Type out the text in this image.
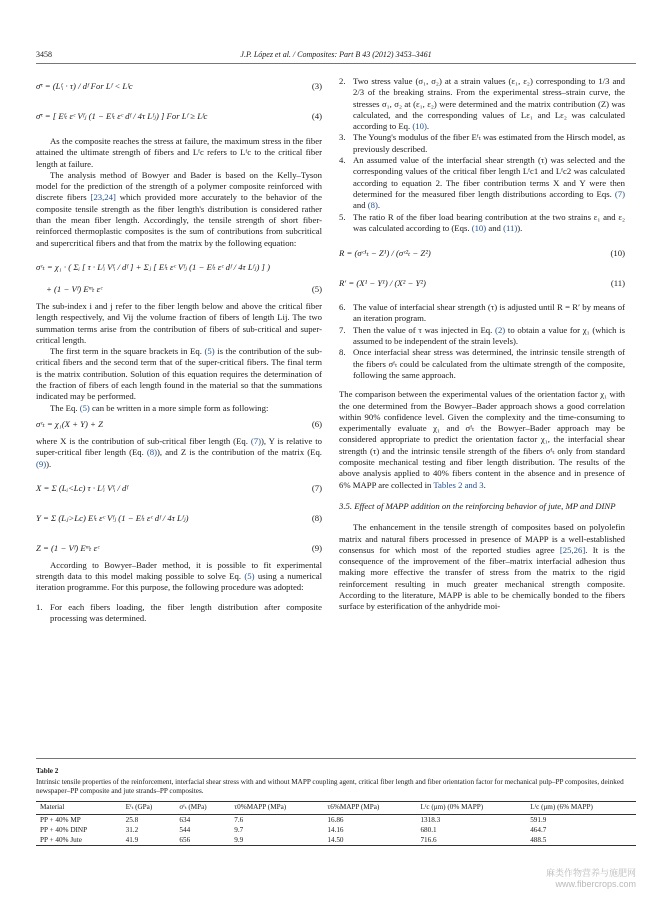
3458	J.P. López et al. / Composites: Part B 43 (2012) 3453–3461
σ̄ᶜ = (Lᶠᵢ · τ) / dᶠ For Lᶠ < Lᶠc	(3)
σ̄ᶜ = [ Eᶠₜ εᶜ Vᶠⱼ (1 − Eᶠₜ εᶜ dᶠ / 4τ Lᶠⱼ) ] For Lᶠ ≥ Lᶠc	(4)

As the composite reaches the stress at failure, the maximum stress in the fiber attained the ultimate strength of fibers and Lᶠc refers to Lᶠc to the critical fiber length at failure.

The analysis method of Bowyer and Bader is based on the Kelly–Tyson model for the prediction of the strength of a polymer composite reinforced with discrete fibers [23,24] which provided more accurately to the behavior of the composite tensile strength as the fiber length's distribution is considered rather than the mean fiber length. Accordingly, the tensile strength of short fiber-reinforced thermoplastic composites is the sum of contributions from subcritical and supercritical fibers and that from the matrix by the following equation:

σᶜₜ = χ₁ · ( Σᵢ [ τ · Lᶠᵢ Vᶠᵢ / dᶠ ] + Σⱼ [ Eᶠₜ εᶜ Vᶠⱼ (1 − Eᶠₜ εᶜ dᶠ / 4τ Lᶠⱼ) ] )
+ (1 − Vᶠ) Eᵐₜ εᶜ	(5)

The sub-index i and j refer to the fiber length below and above the critical fiber length respectively, and Vij the volume fraction of fibers of length Lij. The two summation terms arise from the contribution of fibers of sub-critical and super-critical length.

The first term in the square brackets in Eq. (5) is the contribution of the sub-critical fibers and the second term that of the super-critical fibers. The final term is the matrix contribution. Solution of this equation requires the determination of the fraction of fibers of each length found in the material so that the summations indicated may be performed.

The Eq. (5) can be written in a more simple form as following:

σᶜₜ = χ₁(X + Y) + Z	(6)

where X is the contribution of sub-critical fiber length (Eq. (7)), Y is relative to super-critical fiber length (Eq. (8)), and Z is the contribution of the matrix (Eq. (9)).

X = Σ (Lᵢ<Lc) τ · Lᶠᵢ Vᶠᵢ / dᶠ	(7)
Y = Σ (Lⱼ>Lc) Eᶠₜ εᶜ Vᶠⱼ (1 − Eᶠₜ εᶜ dᶠ / 4τ Lᶠⱼ)	(8)
Z = (1 − Vᶠ) Eᵐₜ εᶜ	(9)

According to Bowyer–Bader method, it is possible to fit experimental strength data to this model making possible to solve Eq. (5) using a numerical iteration programme. For this purpose, the following procedure was adopted:

1. For each fibers loading, the fiber length distribution after composite processing was determined.
2. Two stress value (σ₁, σ₂) at a strain values (ε₁, ε₂) corresponding to 1/3 and 2/3 of the breaking strains. From the experimental stress–strain curve, the stresses σ₁, σ₂ at (ε₁, ε₂) were determined and the matrix contribution (Z) was calculated, and the corresponding values of Lε₁ and Lε₂ was calculated according to Eq. (10).
3. The Young's modulus of the fiber Eᶠₜ was estimated from the Hirsch model, as previously described.
4. An assumed value of the interfacial shear strength (τ) was selected and the corresponding values of the critical fiber length Lᶠc1 and Lᶠc2 was calculated according to equation 2. The fiber contribution terms X and Y were then determined for the measured fiber length distributions according to Eqs. (7) and (8).
5. The ratio R of the fiber load bearing contribution at the two strains ε₁ and ε₂ was calculated according to (Eqs. (10) and (11)).
R = (σᶜ¹ₜ − Z¹) / (σᶜ²ₜ − Z²)	(10)
R′ = (X¹ − Y¹) / (X² − Y²)	(11)
6. The value of interfacial shear strength (τ) is adjusted until R = R′ by means of an iteration program.
7. Then the value of τ was injected in Eq. (2) to obtain a value for χ₁ (which is assumed to be independent of the strain levels).
8. Once interfacial shear stress was determined, the intrinsic tensile strength of the fibers σᶠₜ could be calculated from the ultimate strength of the composite, following the same approach.

The comparison between the experimental values of the orientation factor χ₁ with the one determined from the Bowyer–Bader approach shows a good correlation within 90% confidence level. Given the complexity and the time-consuming to experimentally evaluate χ₁ and σᶠₜ the Bowyer–Bader approach may be considered appropriate to predict the orientation factor χ₁, the interfacial shear strength (τ) and the intrinsic tensile strength of the fibers σᶠₜ only from standard composite mechanical testing and fiber length distribution. The results of the above analysis applied to 40% fibers content in the absence and in presence of 6% MAPP are collected in Tables 2 and 3.

3.5. Effect of MAPP addition on the reinforcing behavior of jute, MP and DINP

The enhancement in the tensile strength of composites based on polyolefin matrix and natural fibers processed in presence of MAPP is a well-established consensus for which most of the reported studies agree [25,26]. It is the consequence of the improvement of the fiber–matrix interfacial adhesion thus making more effective the transfer of stress from the matrix to the rigid reinforcement resulting in much greater mechanical strength composite. According to the literature, MAPP is able to be chemically bonded to the fibers surface by esterification of the anhydride moi-

Table 2
Intrinsic tensile properties of the reinforcement, interfacial shear stress with and without MAPP coupling agent, critical fiber length and fiber orientation factor for mechanical pulp–PP composites, deinked newspaper–PP composite and jute strands–PP composites.
Material	Eᶠₜ (GPa)	σᶠₜ (MPa)	τ0%MAPP (MPa)	τ6%MAPP (MPa)	Lᶠc (μm) (0% MAPP)	Lᶠc (μm) (6% MAPP)
PP + 40% MP	25.8	634	7.6	16.86	1318.3	591.9
PP + 40% DINP	31.2	544	9.7	14.16	680.1	464.7
PP + 40% Jute	41.9	656	9.9	14.50	716.6	488.5
麻类作物营养与施肥网
www.fibercrops.com
